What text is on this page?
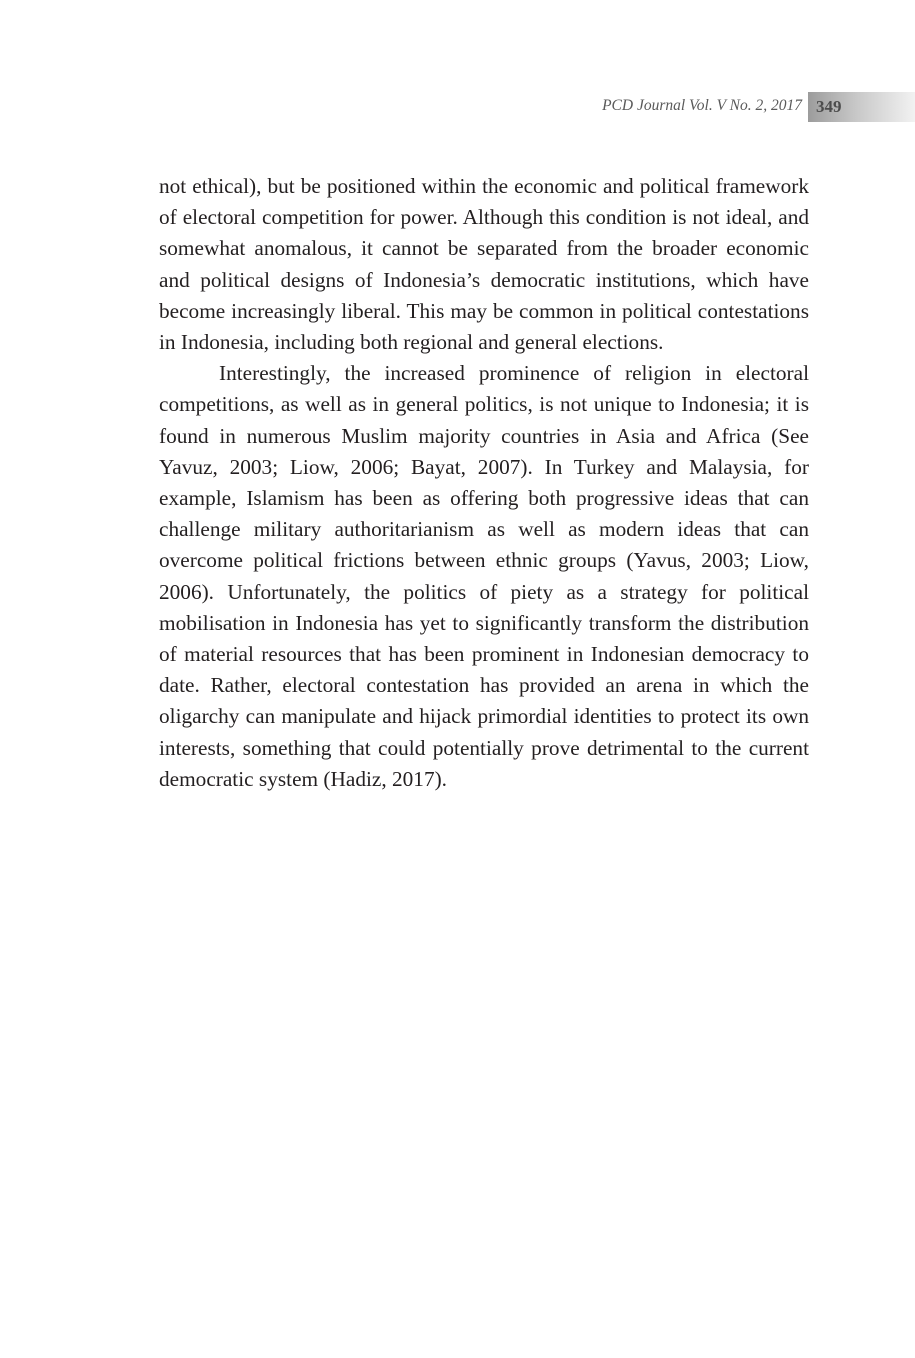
PCD Journal Vol. V No. 2, 2017 349

not ethical), but be positioned within the economic and political framework of electoral competition for power. Although this condition is not ideal, and somewhat anomalous, it cannot be separated from the broader economic and political designs of Indonesia’s democratic institutions, which have become increasingly liberal. This may be common in political contestations in Indonesia, including both regional and general elections.

Interestingly, the increased prominence of religion in electoral competitions, as well as in general politics, is not unique to Indonesia; it is found in numerous Muslim majority countries in Asia and Africa (See Yavuz, 2003; Liow, 2006; Bayat, 2007). In Turkey and Malaysia, for example, Islamism has been as offering both progressive ideas that can challenge military authoritarianism as well as modern ideas that can overcome political frictions between ethnic groups (Yavus, 2003; Liow, 2006). Unfortunately, the politics of piety as a strategy for political mobilisation in Indonesia has yet to significantly transform the distribution of material resources that has been prominent in Indonesian democracy to date. Rather, electoral contestation has provided an arena in which the oligarchy can manipulate and hijack primordial identities to protect its own interests, something that could potentially prove detrimental to the current democratic system (Hadiz, 2017).
